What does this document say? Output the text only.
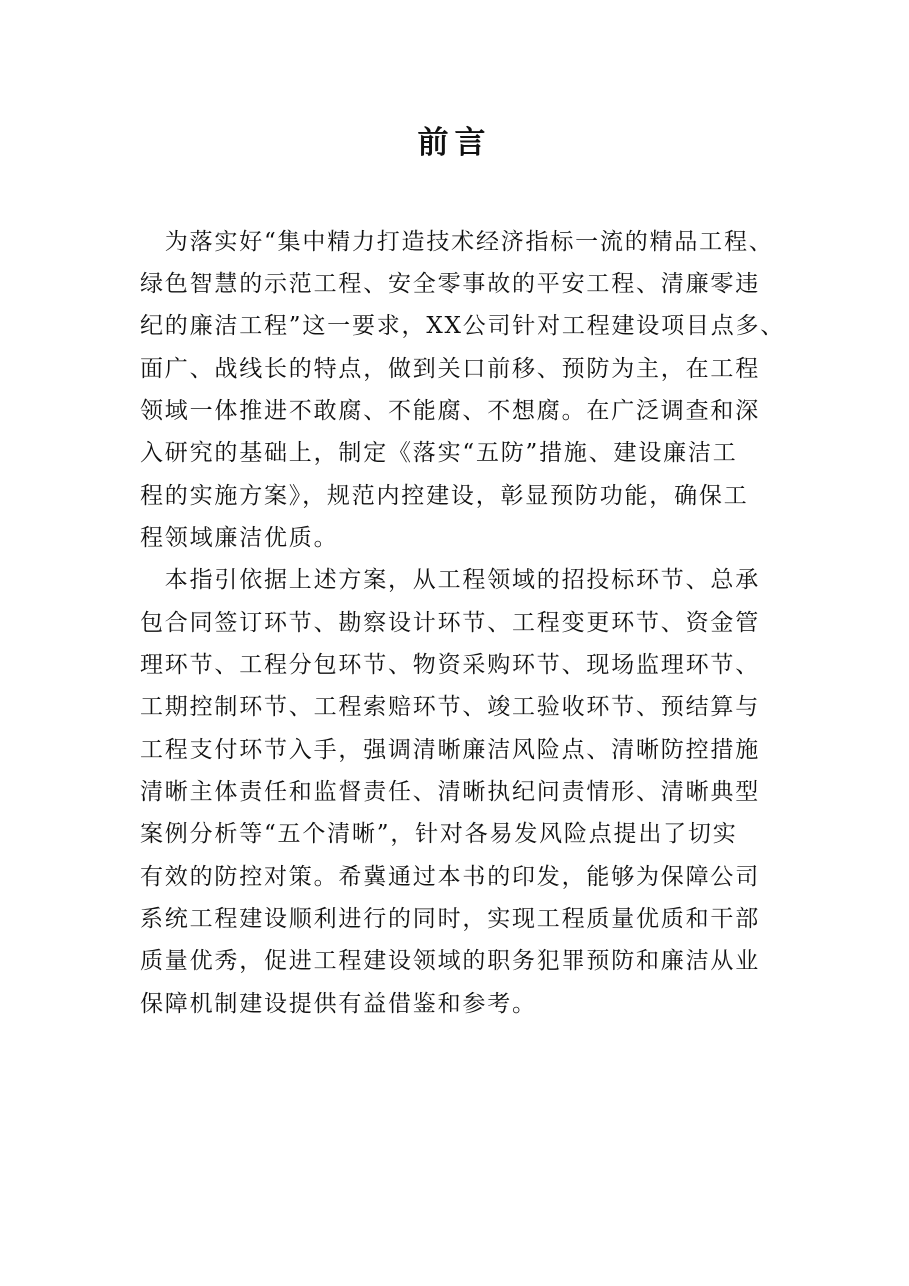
前言
　为落实好“集中精力打造技术经济指标一流的精品工程、
绿色智慧的示范工程、安全零事故的平安工程、清廉零违
纪的廉洁工程”这一要求，XX公司针对工程建设项目点多、
面广、战线长的特点，做到关口前移、预防为主，在工程
领域一体推进不敢腐、不能腐、不想腐。在广泛调查和深
入研究的基础上，制定《落实“五防”措施、建设廉洁工
程的实施方案》，规范内控建设，彰显预防功能，确保工
程领域廉洁优质。
　本指引依据上述方案，从工程领域的招投标环节、总承
包合同签订环节、勘察设计环节、工程变更环节、资金管
理环节、工程分包环节、物资采购环节、现场监理环节、
工期控制环节、工程索赔环节、竣工验收环节、预结算与
工程支付环节入手，强调清晰廉洁风险点、清晰防控措施
清晰主体责任和监督责任、清晰执纪问责情形、清晰典型
案例分析等“五个清晰”，针对各易发风险点提出了切实
有效的防控对策。希冀通过本书的印发，能够为保障公司
系统工程建设顺利进行的同时，实现工程质量优质和干部
质量优秀，促进工程建设领域的职务犯罪预防和廉洁从业
保障机制建设提供有益借鉴和参考。
